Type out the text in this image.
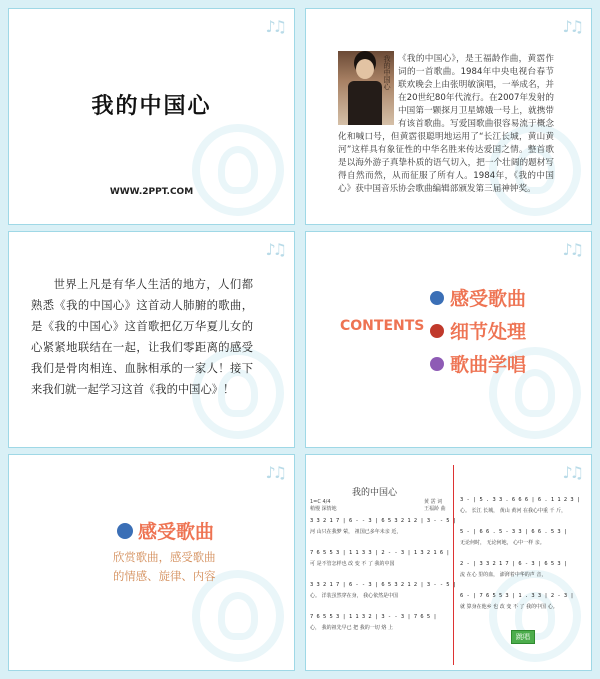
♪♫
我的中国心
WWW.2PPT.COM
♪♫
我的中国心 《我的中国心》，是王福龄作曲，黄霑作词的一首歌曲。1984年中央电视台春节联欢晚会上由张明敏演唱，一举成名，并在20世纪80年代流行。在2007年发射的中国第一颗探月卫星嫦娥一号上，就携带有该首歌曲。写爱国歌曲很容易流于概念化和喊口号，但黄霑很聪明地运用了“长江长城，黄山黄河”这样具有象征性的中华名胜来传达爱国之情。整首歌是以海外游子真挚朴质的语气切入，把一个壮阔的题材写得自然而然，从而征服了所有人。1984年，《我的中国心》获中国音乐协会歌曲编辑部颁发第三届神钟奖。
♪♫
世界上凡是有华人生活的地方，人们都熟悉《我的中国心》这首动人肺腑的歌曲，是《我的中国心》这首歌把亿万华夏儿女的心紧紧地联结在一起，让我们零距离的感受我们是骨肉相连、血脉相承的一家人！接下来我们就一起学习这首《我的中国心》！
♪♫
CONTENTS
感受歌曲
细节处理
歌曲学唱
♪♫
感受歌曲
欣赏歌曲，感受歌曲
的情感、旋律、内容
♪♫
我的中国心
1=C 4/4
稍慢 深情地
黄 霑 词
王福龄 曲
3 3 2 1 7 | 6 - - 3 | 6 5 3 2 1 2 | 3 - - 5 |
河 山只在我梦 萦， 祖国已多年未亲 近，
7 6 5 5 3 | 1 1 3 3 | 2 - - 3 | 1 3 2 1 6 |
可 是不管怎样也 改 变 不 了 我的中国
3 3 2 1 7 | 6 - - 3 | 6 5 3 2 1 2 | 3 - - 5 |
心。 洋装虽然穿在身， 我心依然是中国
7 6 5 5 3 | 1 1 3 2 | 3 - - 3 | 7 6 5 |
心， 我的祖先早已 把 我的一切 烙 上
3 - | 5 . 3 3 . 6 6 6 | 6 . 1 1 2 3 |
心。 长江 长城， 黄山 黄河 在我心中重 千 斤，
5 - | 6 6 . 5 - 3 3 | 6 6 . 5 3 |
无论何时， 无论何地， 心中一样 亲。
2 - | 3 3 2 1 7 | 6 - 3 | 6 5 3 |
流 在心 里的血， 澎湃着中华的声 音，
6 - | 7 6 5 5 3 | 1 . 3 3 | 2 - 3 |
就 算身在他乡 也 改 变 不 了 我的中国 心。
跳唱
